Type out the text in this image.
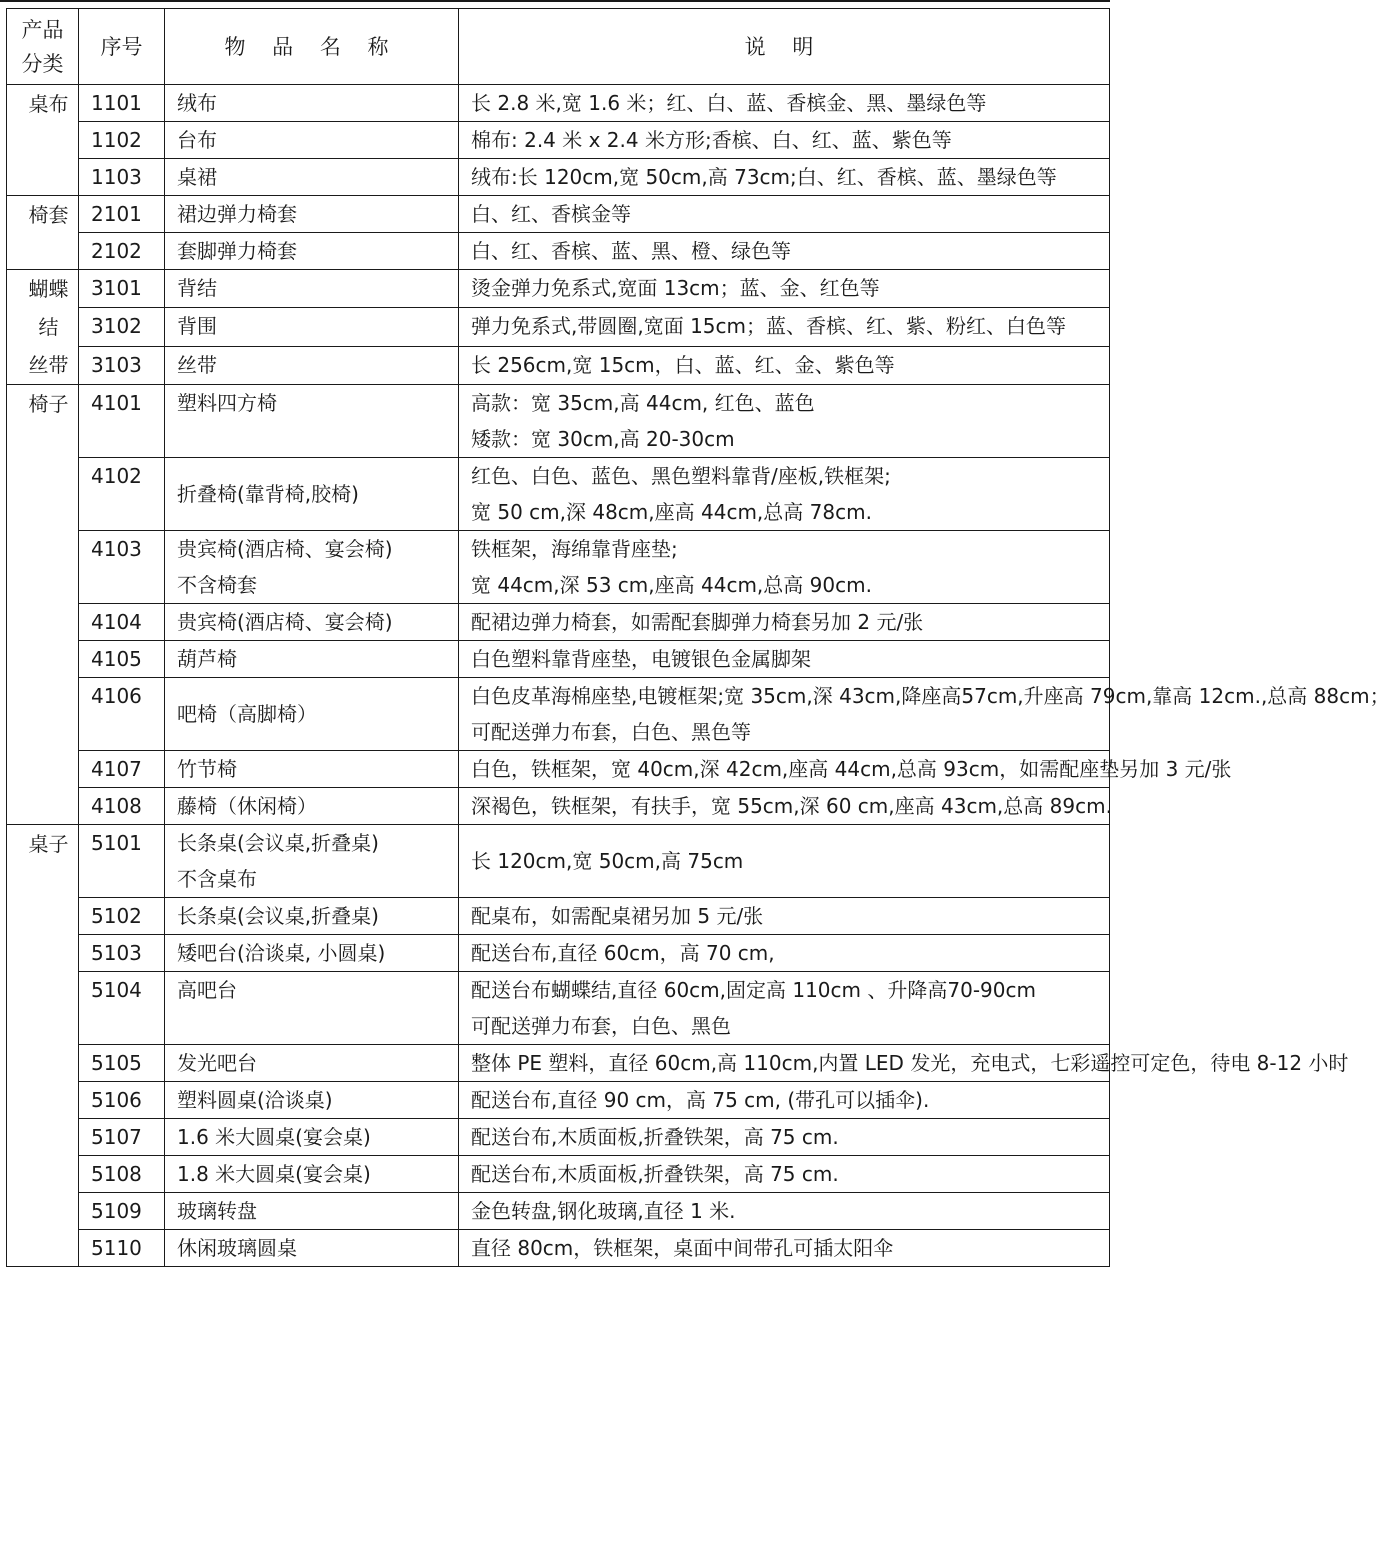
产品
分类	序号	物 品 名 称	说 明
桌布	1101	绒布	长 2.8 米,宽 1.6 米；红、白、蓝、香槟金、黑、墨绿色等

	1102	台布	棉布: 2.4 米 x 2.4 米方形;香槟、白、红、蓝、紫色等

	1103	桌裙	绒布:长 120cm,宽 50cm,高 73cm;白、红、香槟、蓝、墨绿色等

椅套	2101	裙边弹力椅套	白、红、香槟金等

	2102	套脚弹力椅套	白、红、香槟、蓝、黑、橙、绿色等

蝴蝶
结
丝带	3101	背结	烫金弹力免系式,宽面 13cm；蓝、金、红色等

	3102	背围	弹力免系式,带圆圈,宽面 15cm；蓝、香槟、红、紫、粉红、白色等

	3103	丝带	长 256cm,宽 15cm，白、蓝、红、金、紫色等

椅子	4101	塑料四方椅	高款：宽 35cm,高 44cm, 红色、蓝色
矮款：宽 30cm,高 20-30cm

	4102	折叠椅(靠背椅,胶椅)	红色、白色、蓝色、黑色塑料靠背/座板,铁框架;
宽 50 cm,深 48cm,座高 44cm,总高 78cm.

	4103	贵宾椅(酒店椅、宴会椅)
不含椅套	铁框架，海绵靠背座垫;
宽 44cm,深 53 cm,座高 44cm,总高 90cm.

	4104	贵宾椅(酒店椅、宴会椅)	配裙边弹力椅套，如需配套脚弹力椅套另加 2 元/张

	4105	葫芦椅	白色塑料靠背座垫，电镀银色金属脚架

	4106	吧椅（高脚椅）	白色皮革海棉座垫,电镀框架;宽 35cm,深 43cm,降座高57cm,升座高 79cm,靠高 12cm.,总高 88cm；
可配送弹力布套，白色、黑色等

	4107	竹节椅	白色，铁框架，宽 40cm,深 42cm,座高 44cm,总高 93cm，如需配座垫另加 3 元/张

	4108	藤椅（休闲椅）	深褐色，铁框架，有扶手，宽 55cm,深 60 cm,座高 43cm,总高 89cm.

桌子	5101	长条桌(会议桌,折叠桌)
不含桌布	长 120cm,宽 50cm,高 75cm

	5102	长条桌(会议桌,折叠桌)	配桌布，如需配桌裙另加 5 元/张

	5103	矮吧台(洽谈桌, 小圆桌)	配送台布,直径 60cm，高 70 cm,

	5104	高吧台	配送台布蝴蝶结,直径 60cm,固定高 110cm 、升降高70-90cm
可配送弹力布套，白色、黑色

	5105	发光吧台	整体 PE 塑料，直径 60cm,高 110cm,内置 LED 发光，充电式，七彩遥控可定色，待电 8-12 小时

	5106	塑料圆桌(洽谈桌)	配送台布,直径 90 cm，高 75 cm, (带孔可以插伞).

	5107	1.6 米大圆桌(宴会桌)	配送台布,木质面板,折叠铁架，高 75 cm.

	5108	1.8 米大圆桌(宴会桌)	配送台布,木质面板,折叠铁架，高 75 cm.

	5109	玻璃转盘	金色转盘,钢化玻璃,直径 1 米.

	5110	休闲玻璃圆桌	直径 80cm，铁框架，桌面中间带孔可插太阳伞
